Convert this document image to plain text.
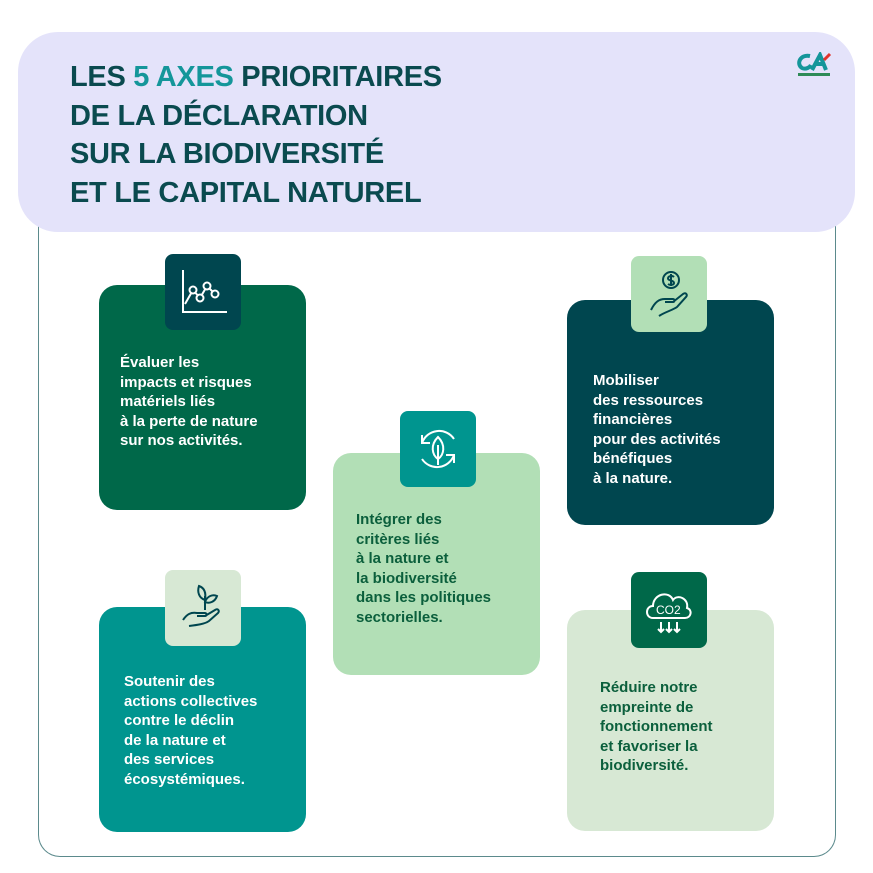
LES 5 AXES PRIORITAIRES
DE LA DÉCLARATION
SUR LA BIODIVERSITÉ
ET LE CAPITAL NATUREL
Évaluer les
impacts et risques
matériels liés
à la perte de nature
sur nos activités.
Intégrer des
critères liés
à la nature et
la biodiversité
dans les politiques
sectorielles.
Mobiliser
des ressources
financières
pour des activités
bénéfiques
à la nature.
Soutenir des
actions collectives
contre le déclin
de la nature et
des services
écosystémiques.
CO2
Réduire notre
empreinte de
fonctionnement
et favoriser la
biodiversité.
